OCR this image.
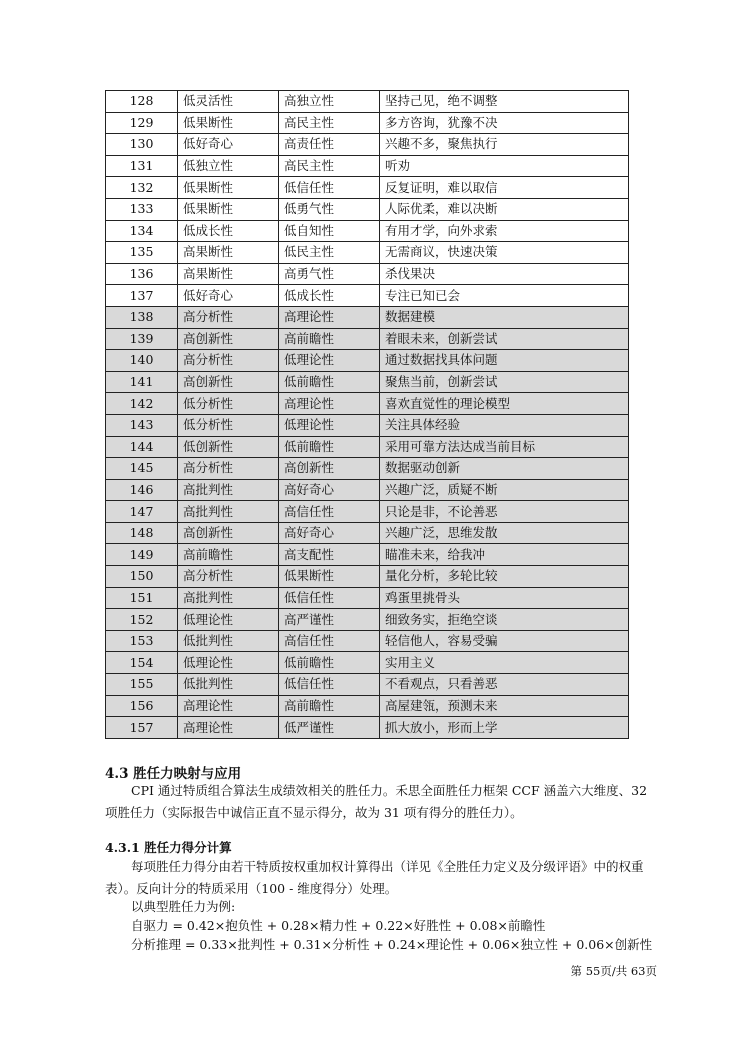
128	低灵活性	高独立性	坚持己见，绝不调整
129	低果断性	高民主性	多方咨询，犹豫不决
130	低好奇心	高责任性	兴趣不多，聚焦执行
131	低独立性	高民主性	听劝
132	低果断性	低信任性	反复证明，难以取信
133	低果断性	低勇气性	人际优柔，难以决断
134	低成长性	低自知性	有用才学，向外求索
135	高果断性	低民主性	无需商议，快速决策
136	高果断性	高勇气性	杀伐果决
137	低好奇心	低成长性	专注已知已会
138	高分析性	高理论性	数据建模
139	高创新性	高前瞻性	着眼未来，创新尝试
140	高分析性	低理论性	通过数据找具体问题
141	高创新性	低前瞻性	聚焦当前，创新尝试
142	低分析性	高理论性	喜欢直觉性的理论模型
143	低分析性	低理论性	关注具体经验
144	低创新性	低前瞻性	采用可靠方法达成当前目标
145	高分析性	高创新性	数据驱动创新
146	高批判性	高好奇心	兴趣广泛，质疑不断
147	高批判性	高信任性	只论是非，不论善恶
148	高创新性	高好奇心	兴趣广泛，思维发散
149	高前瞻性	高支配性	瞄准未来，给我冲
150	高分析性	低果断性	量化分析，多轮比较
151	高批判性	低信任性	鸡蛋里挑骨头
152	低理论性	高严谨性	细致务实，拒绝空谈
153	低批判性	高信任性	轻信他人，容易受骗
154	低理论性	低前瞻性	实用主义
155	低批判性	低信任性	不看观点，只看善恶
156	高理论性	高前瞻性	高屋建瓴，预测未来
157	高理论性	低严谨性	抓大放小，形而上学
4.3 胜任力映射与应用
CPI 通过特质组合算法生成绩效相关的胜任力。禾思全面胜任力框架 CCF 涵盖六大维度、32 项胜任力（实际报告中诚信正直不显示得分，故为 31 项有得分的胜任力）。
4.3.1 胜任力得分计算
每项胜任力得分由若干特质按权重加权计算得出（详见《全胜任力定义及分级评语》中的权重表）。反向计分的特质采用（100 - 维度得分）处理。
以典型胜任力为例:
自驱力 = 0.42×抱负性 + 0.28×精力性 + 0.22×好胜性 + 0.08×前瞻性
分析推理 = 0.33×批判性 + 0.31×分析性 + 0.24×理论性 + 0.06×独立性 + 0.06×创新性
第 55页/共 63页
